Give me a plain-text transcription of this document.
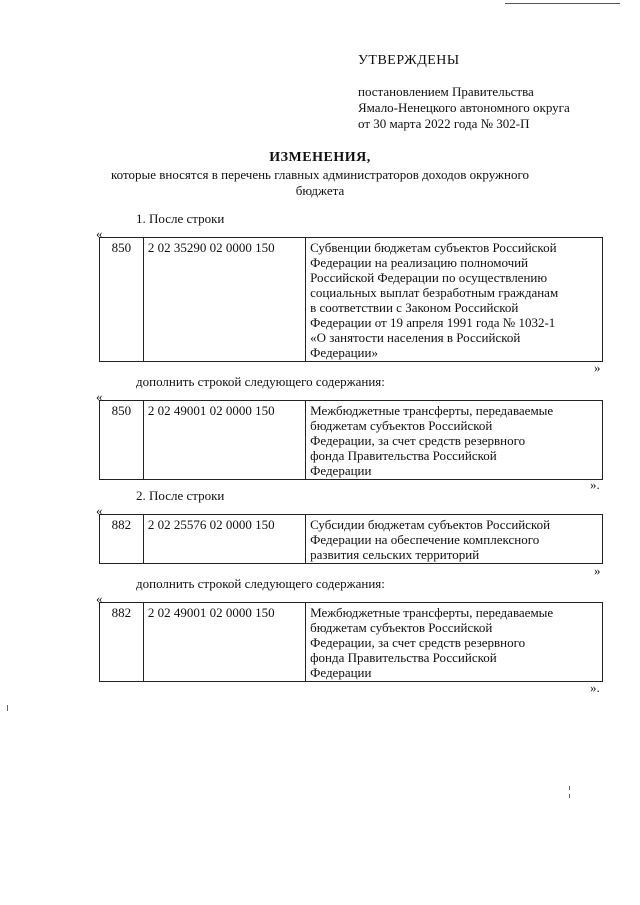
УТВЕРЖДЕНЫ
постановлением Правительства
Ямало-Ненецкого автономного округа
от 30 марта 2022 года № 302-П
ИЗМЕНЕНИЯ,
которые вносятся в перечень главных администраторов доходов окружного
бюджета
1. После строки
«
850	2 02 35290 02 0000 150	Субвенции бюджетам субъектов Российской
Федерации на реализацию полномочий
Российской Федерации по осуществлению
социальных выплат безработным гражданам
в соответствии с Законом Российской
Федерации от 19 апреля 1991 года № 1032-1
«О занятости населения в Российской
Федерации»
»
дополнить строкой следующего содержания:
«
850	2 02 49001 02 0000 150	Межбюджетные трансферты, передаваемые
бюджетам субъектов Российской
Федерации, за счет средств резервного
фонда Правительства Российской
Федерации
».
2. После строки
«
882	2 02 25576 02 0000 150	Субсидии бюджетам субъектов Российской
Федерации на обеспечение комплексного
развития сельских территорий
»
дополнить строкой следующего содержания:
«
882	2 02 49001 02 0000 150	Межбюджетные трансферты, передаваемые
бюджетам субъектов Российской
Федерации, за счет средств резервного
фонда Правительства Российской
Федерации
».
